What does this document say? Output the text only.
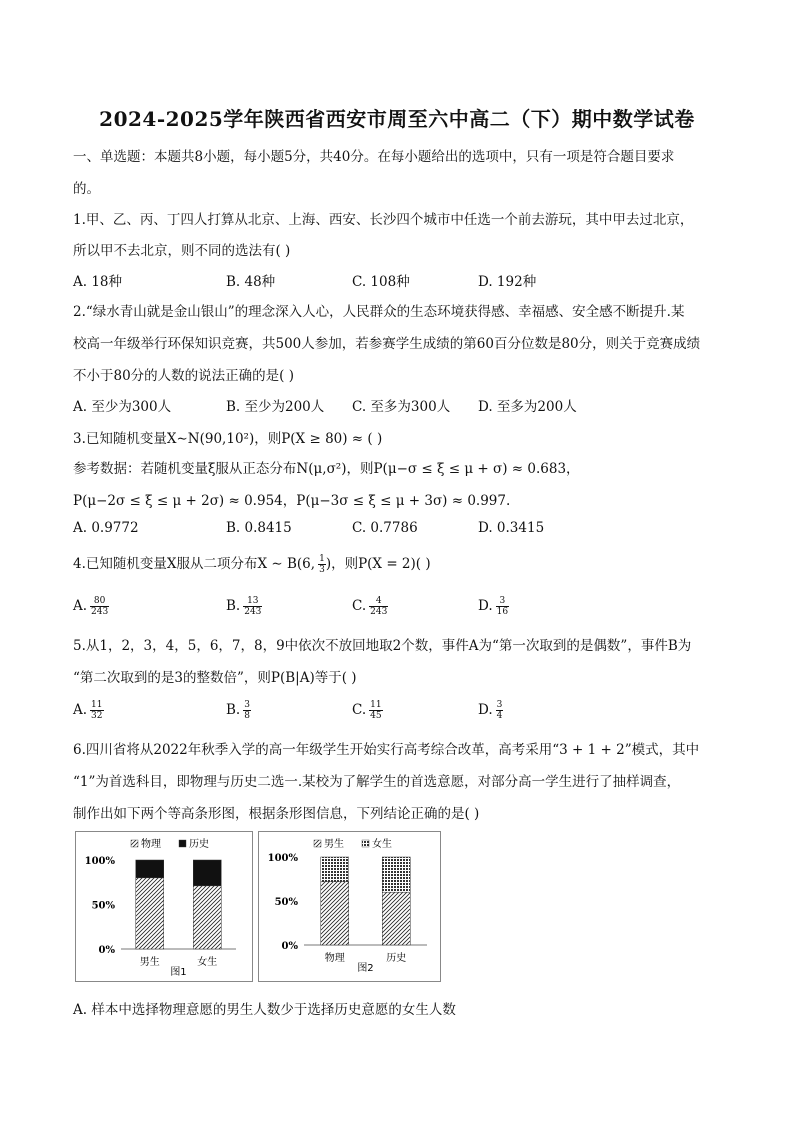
2024-2025学年陕西省西安市周至六中高二（下）期中数学试卷
一、单选题：本题共8小题，每小题5分，共40分。在每小题给出的选项中，只有一项是符合题目要求
的。
1.甲、乙、丙、丁四人打算从北京、上海、西安、长沙四个城市中任选一个前去游玩，其中甲去过北京，
所以甲不去北京，则不同的选法有( )
A. 18种	B. 48种	C. 108种	D. 192种
2.“绿水青山就是金山银山”的理念深入人心，人民群众的生态环境获得感、幸福感、安全感不断提升.某
校高一年级举行环保知识竞赛，共500人参加，若参赛学生成绩的第60百分位数是80分，则关于竞赛成绩
不小于80分的人数的说法正确的是( )
A. 至少为300人	B. 至少为200人 C. 至多为300人 D. 至多为200人
3.已知随机变量X∼N(90,10²)，则P(X ≥ 80) ≈ ( )
参考数据：若随机变量ξ服从正态分布N(μ,σ²)，则P(μ−σ ≤ ξ ≤ μ + σ) ≈ 0.683，
P(μ−2σ ≤ ξ ≤ μ + 2σ) ≈ 0.954，P(μ−3σ ≤ ξ ≤ μ + 3σ) ≈ 0.997.
A. 0.9772	B. 0.8415	C. 0.7786	D. 0.3415
4.已知随机变量X服从二项分布X ∼ B(6, $\frac{1}{3}$ )，则P(X = 2)( )
A. $\frac{80}{243}$	B. $\frac{13}{243}$	C. $\frac{4}{243}$	D. $\frac{3}{16}$
5.从1，2，3，4，5，6，7，8，9中依次不放回地取2个数，事件A为“第一次取到的是偶数”，事件B为
“第二次取到的是3的整数倍”，则P(B|A)等于( )
A. $\frac{11}{32}$	B. $\frac{3}{8}$	C. $\frac{11}{45}$	D. $\frac{3}{4}$
6.四川省将从2022年秋季入学的高一年级学生开始实行高考综合改革，高考采用“3 + 1 + 2”模式，其中
“1”为首选科目，即物理与历史二选一.某校为了解学生的首选意愿，对部分高一学生进行了抽样调查，
制作出如下两个等高条形图，根据条形图信息，下列结论正确的是( )
100%
50%
0%
物理	历史
男生	女生
图1
100%
50%
0%
男生	女生
物理	历史
图2
A. 样本中选择物理意愿的男生人数少于选择历史意愿的女生人数
